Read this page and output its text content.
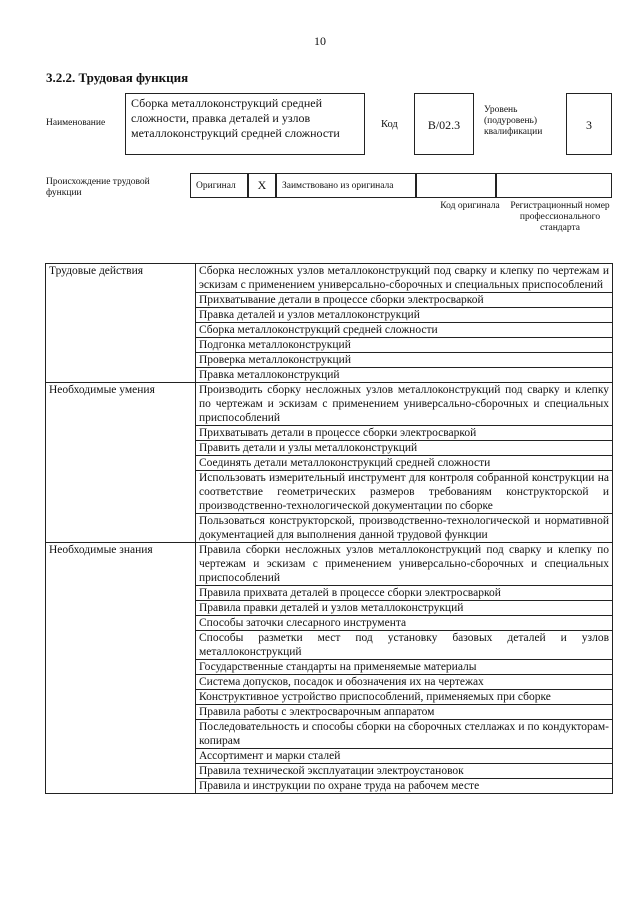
10
3.2.2. Трудовая функция
Наименование
Сборка металлоконструкций средней сложности, правка деталей и узлов металлоконструкций средней сложности
Код	B/02.3
Уровень (подуровень) квалификации	3
Происхождение трудовой функции
Оригинал	X	Заимствовано из оригинала
Код оригинала	Регистрационный номер профессионального стандарта
Трудовые действия	Сборка несложных узлов металлоконструкций под сварку и клепку по чертежам и эскизам с применением универсально-сборочных и специальных приспособлений
	Прихватывание детали в процессе сборки электросваркой
	Правка деталей и узлов металлоконструкций
	Сборка металлоконструкций средней сложности
	Подгонка металлоконструкций
	Проверка металлоконструкций
	Правка металлоконструкций
Необходимые умения	Производить сборку несложных узлов металлоконструкций под сварку и клепку по чертежам и эскизам с применением универсально-сборочных и специальных приспособлений
	Прихватывать детали в процессе сборки электросваркой
	Править детали и узлы металлоконструкций
	Соединять детали металлоконструкций средней сложности
	Использовать измерительный инструмент для контроля собранной конструкции на соответствие геометрических размеров требованиям конструкторской и производственно-технологической документации по сборке
	Пользоваться конструкторской, производственно-технологической и нормативной документацией для выполнения данной трудовой функции
Необходимые знания	Правила сборки несложных узлов металлоконструкций под сварку и клепку по чертежам и эскизам с применением универсально-сборочных и специальных приспособлений
	Правила прихвата деталей в процессе сборки электросваркой
	Правила правки деталей и узлов металлоконструкций
	Способы заточки слесарного инструмента
	Способы разметки мест под установку базовых деталей и узлов металлоконструкций
	Государственные стандарты на применяемые материалы
	Система допусков, посадок и обозначения их на чертежах
	Конструктивное устройство приспособлений, применяемых при сборке
	Правила работы с электросварочным аппаратом
	Последовательность и способы сборки на сборочных стеллажах и по кондукторам-копирам
	Ассортимент и марки сталей
	Правила технической эксплуатации электроустановок
	Правила и инструкции по охране труда на рабочем месте
